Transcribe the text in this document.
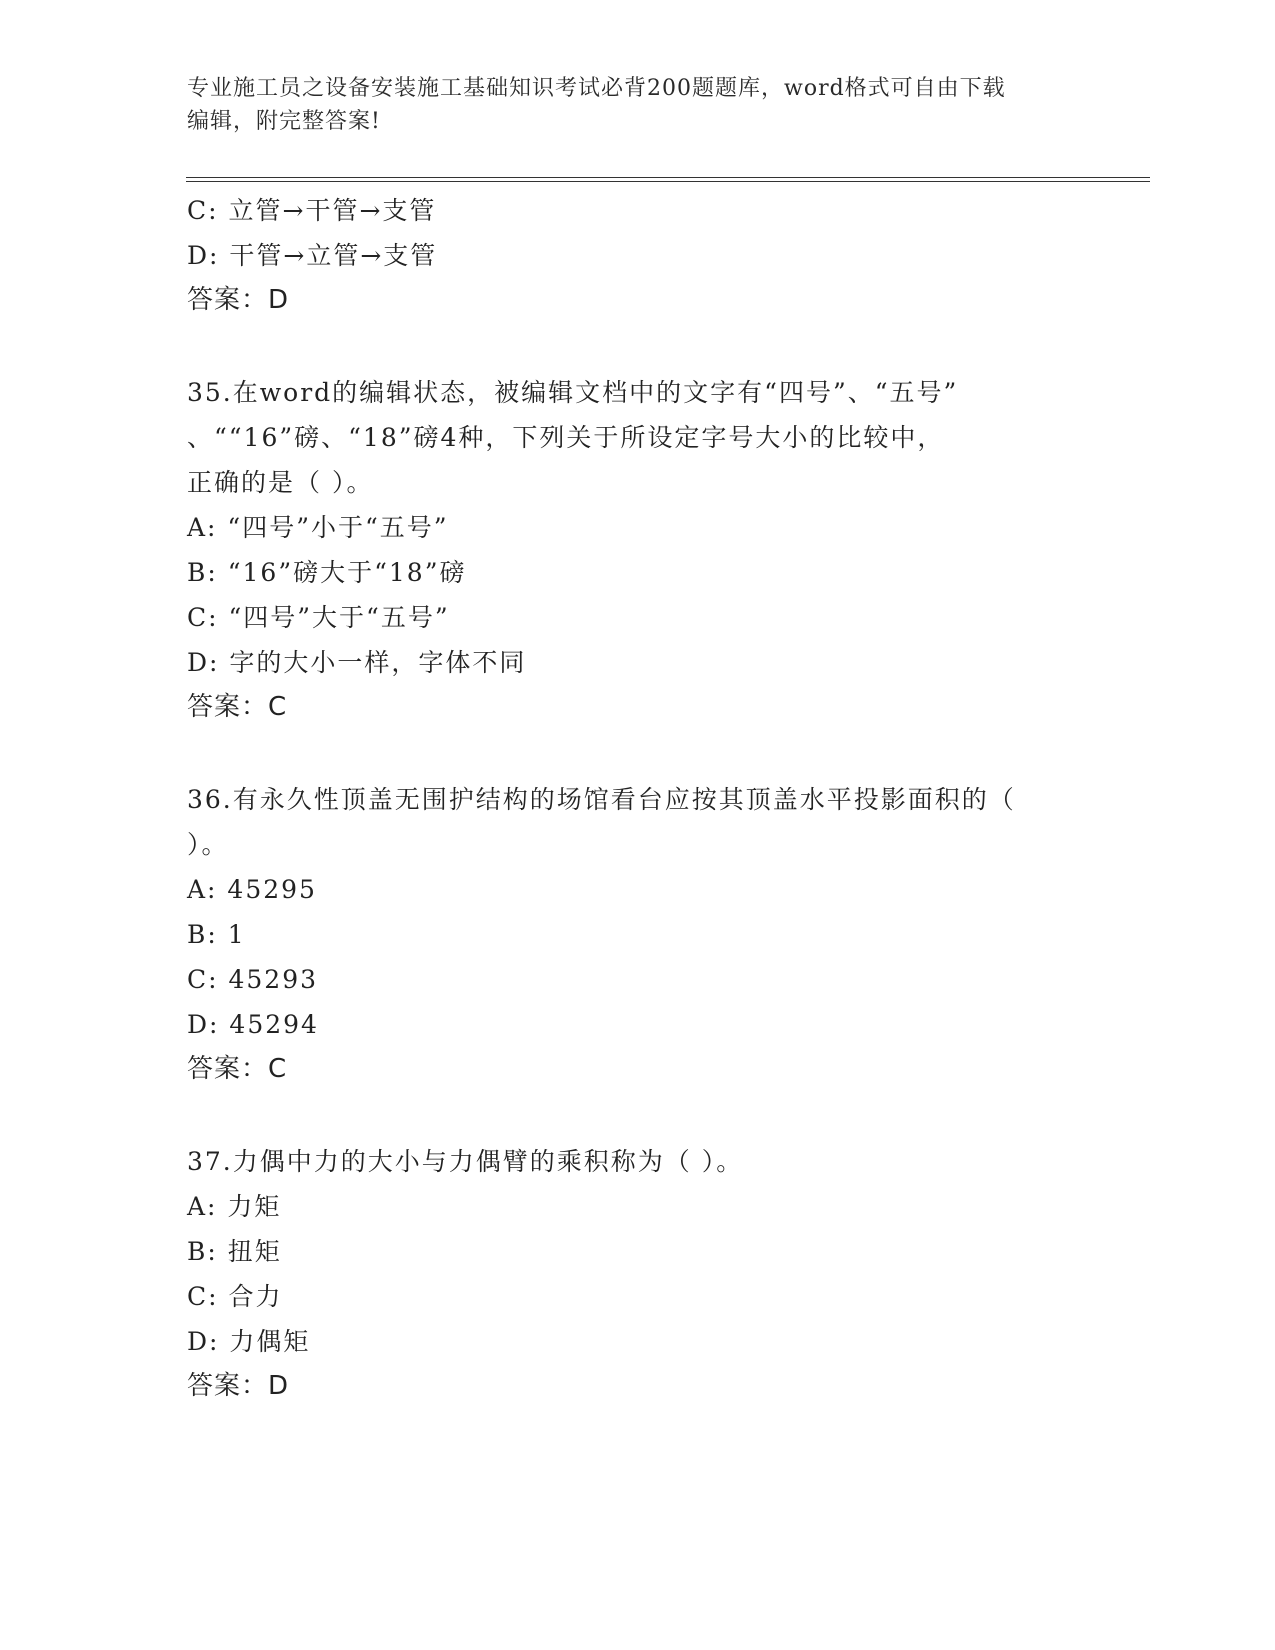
专业施工员之设备安装施工基础知识考试必背200题题库，word格式可自由下载
编辑，附完整答案!
C: 立管→干管→支管
D: 干管→立管→支管
答案：D
35.在word的编辑状态，被编辑文档中的文字有“四号”、“五号”
、““16”磅、“18”磅4种，下列关于所设定字号大小的比较中，
正确的是（ ）。
A: “四号”小于“五号”
B: “16”磅大于“18”磅
C: “四号”大于“五号”
D: 字的大小一样，字体不同
答案：C
36.有永久性顶盖无围护结构的场馆看台应按其顶盖水平投影面积的（
）。
A: 45295
B: 1
C: 45293
D: 45294
答案：C
37.力偶中力的大小与力偶臂的乘积称为（ ）。
A: 力矩
B: 扭矩
C: 合力
D: 力偶矩
答案：D
